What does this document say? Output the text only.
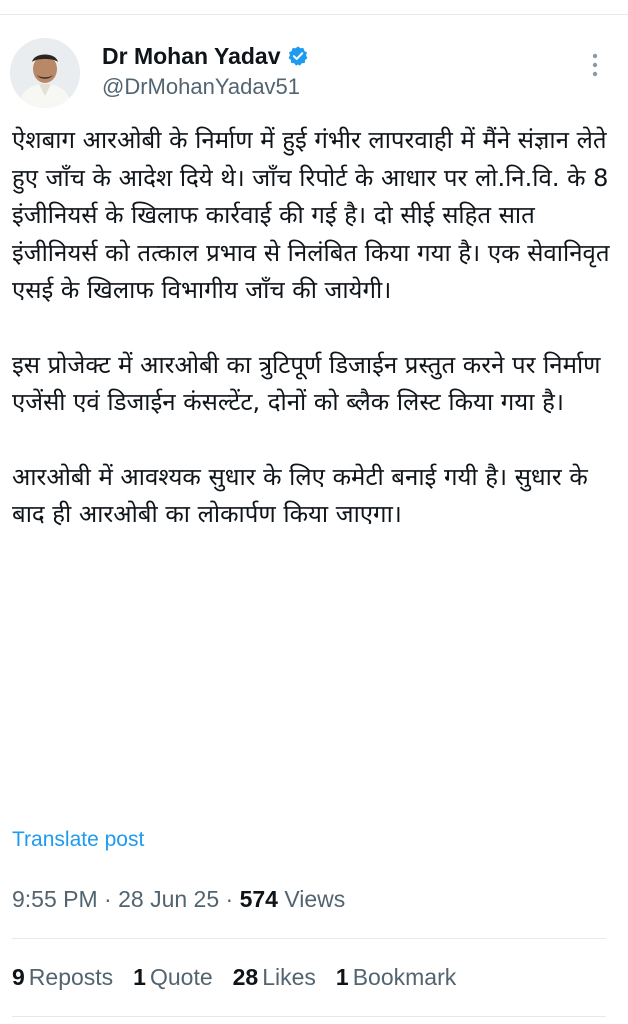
Dr Mohan Yadav
@DrMohanYadav51

ऐशबाग आरओबी के निर्माण में हुई गंभीर लापरवाही में मैंने संज्ञान लेते हुए जाँच के आदेश दिये थे। जाँच रिपोर्ट के आधार पर लो.नि.वि. के 8 इंजीनियर्स के खिलाफ कार्रवाई की गई है। दो सीई सहित सात इंजीनियर्स को तत्काल प्रभाव से निलंबित किया गया है। एक सेवानिवृत एसई के खिलाफ विभागीय जाँच की जायेगी।

इस प्रोजेक्ट में आरओबी का त्रुटिपूर्ण डिजाईन प्रस्तुत करने पर निर्माण एजेंसी एवं डिजाईन कंसल्टेंट, दोनों को ब्लैक लिस्ट किया गया है।

आरओबी में आवश्यक सुधार के लिए कमेटी बनाई गयी है। सुधार के बाद ही आरओबी का लोकार्पण किया जाएगा।

Translate post
9:55 PM · 28 Jun 25 · 574 Views
9 Reposts 1 Quote 28 Likes 1 Bookmark
